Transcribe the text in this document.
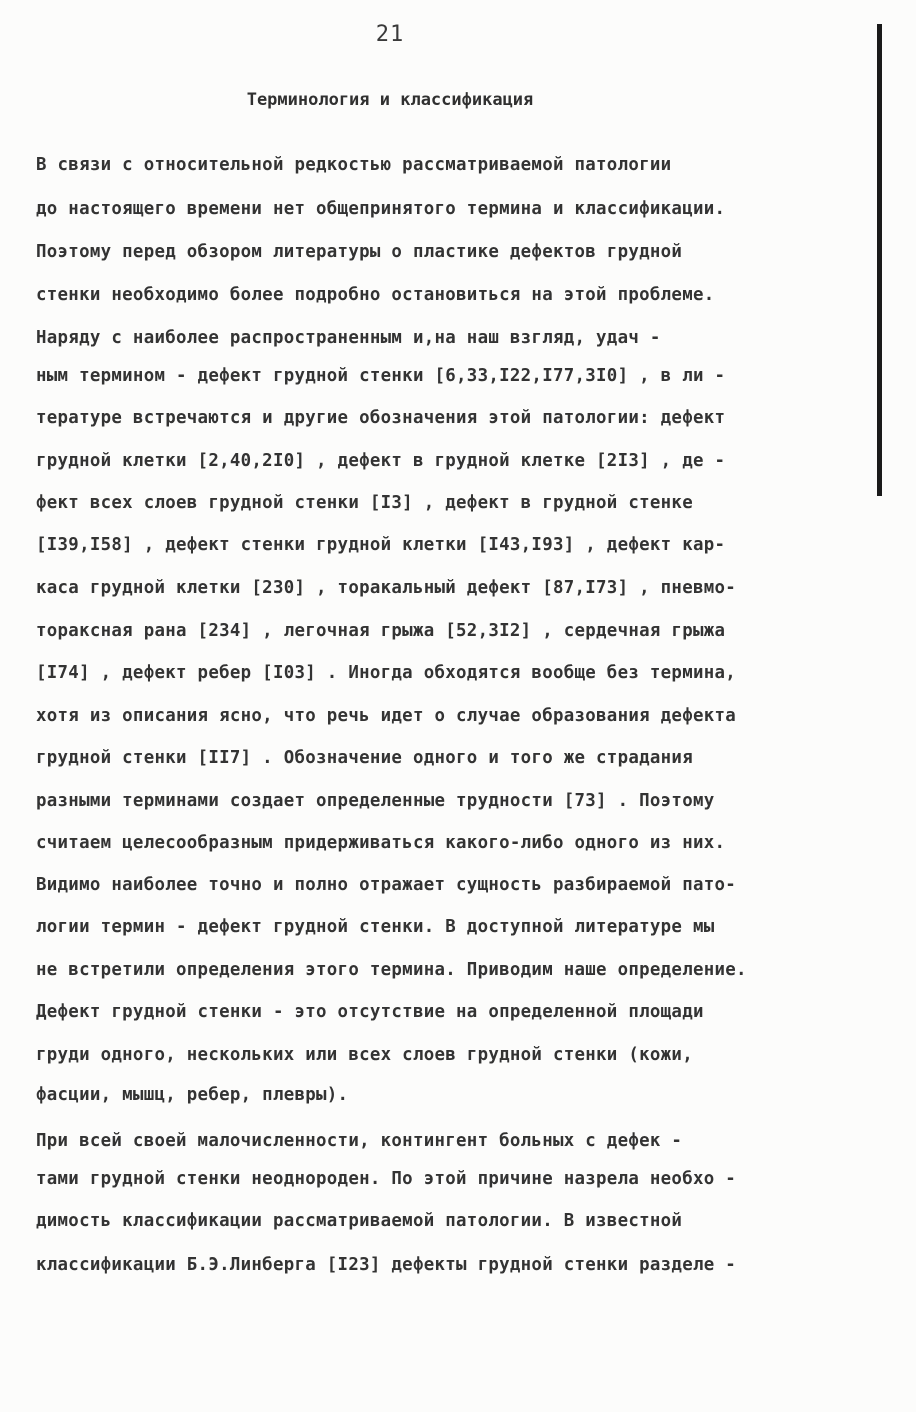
21
Терминология и классификация
В связи с относительной редкостью рассматриваемой патологии
до настоящего времени нет общепринятого термина и классификации.
Поэтому перед обзором литературы о пластике дефектов грудной
стенки необходимо более подробно остановиться на этой проблеме.
Наряду с наиболее распространенным и,на наш взгляд, удач -
ным термином - дефект грудной стенки [6,33,I22,I77,3I0] , в ли -
тературе встречаются и другие обозначения этой патологии: дефект
грудной клетки [2,40,2I0] , дефект в грудной клетке [2I3] , де -
фект всех слоев грудной стенки [I3] , дефект в грудной стенке
[I39,I58] , дефект стенки грудной клетки [I43,I93] , дефект кар-
каса грудной клетки [230] , торакальный дефект [87,I73] , пневмо-
тораксная рана [234] , легочная грыжа [52,3I2] , сердечная грыжа
[I74] , дефект ребер [I03] . Иногда обходятся вообще без термина,
хотя из описания ясно, что речь идет о случае образования дефекта
грудной стенки [II7] . Обозначение одного и того же страдания
разными терминами создает определенные трудности [73] . Поэтому
считаем целесообразным придерживаться какого-либо одного из них.
Видимо наиболее точно и полно отражает сущность разбираемой пато-
логии термин - дефект грудной стенки. В доступной литературе мы
не встретили определения этого термина. Приводим наше определение.
Дефект грудной стенки - это отсутствие на определенной площади
груди одного, нескольких или всех слоев грудной стенки (кожи,
фасции, мышц, ребер, плевры).
При всей своей малочисленности, контингент больных с дефек -
тами грудной стенки неоднороден. По этой причине назрела необхо -
димость классификации рассматриваемой патологии. В известной
классификации Б.Э.Линберга [I23] дефекты грудной стенки разделе -
